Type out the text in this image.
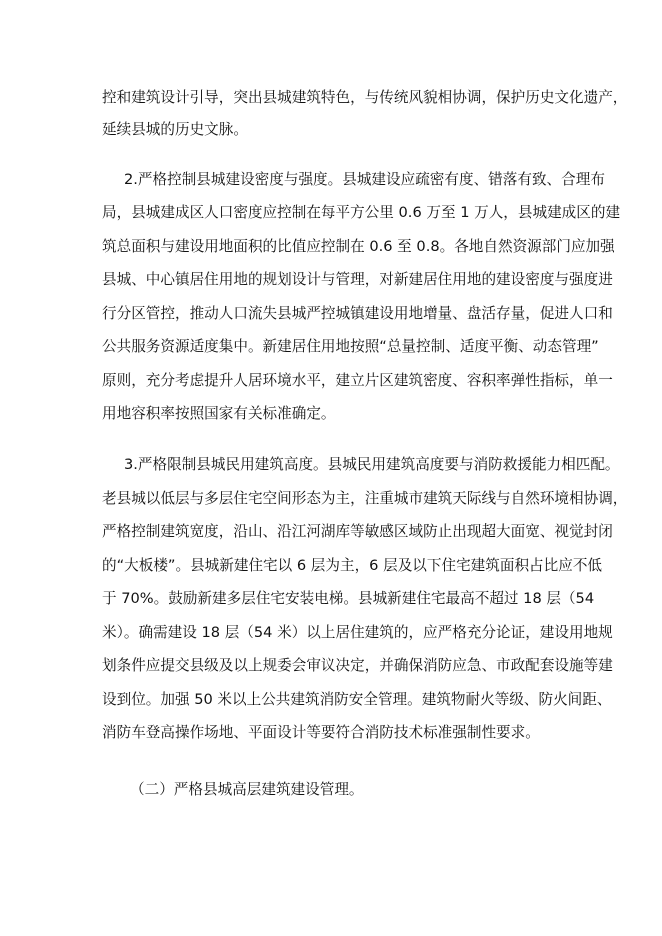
控和建筑设计引导，突出县城建筑特色，与传统风貌相协调，保护历史文化遗产，
延续县城的历史文脉。
2.严格控制县城建设密度与强度。县城建设应疏密有度、错落有致、合理布
局，县城建成区人口密度应控制在每平方公里 0.6 万至 1 万人，县城建成区的建
筑总面积与建设用地面积的比值应控制在 0.6 至 0.8。各地自然资源部门应加强
县城、中心镇居住用地的规划设计与管理，对新建居住用地的建设密度与强度进
行分区管控，推动人口流失县城严控城镇建设用地增量、盘活存量，促进人口和
公共服务资源适度集中。新建居住用地按照“总量控制、适度平衡、动态管理”
原则，充分考虑提升人居环境水平，建立片区建筑密度、容积率弹性指标，单一
用地容积率按照国家有关标准确定。
3.严格限制县城民用建筑高度。县城民用建筑高度要与消防救援能力相匹配。
老县城以低层与多层住宅空间形态为主，注重城市建筑天际线与自然环境相协调，
严格控制建筑宽度，沿山、沿江河湖库等敏感区域防止出现超大面宽、视觉封闭
的“大板楼”。县城新建住宅以 6 层为主，6 层及以下住宅建筑面积占比应不低
于 70%。鼓励新建多层住宅安装电梯。县城新建住宅最高不超过 18 层（54
米）。确需建设 18 层（54 米）以上居住建筑的，应严格充分论证，建设用地规
划条件应提交县级及以上规委会审议决定，并确保消防应急、市政配套设施等建
设到位。加强 50 米以上公共建筑消防安全管理。建筑物耐火等级、防火间距、
消防车登高操作场地、平面设计等要符合消防技术标准强制性要求。
（二）严格县城高层建筑建设管理。
